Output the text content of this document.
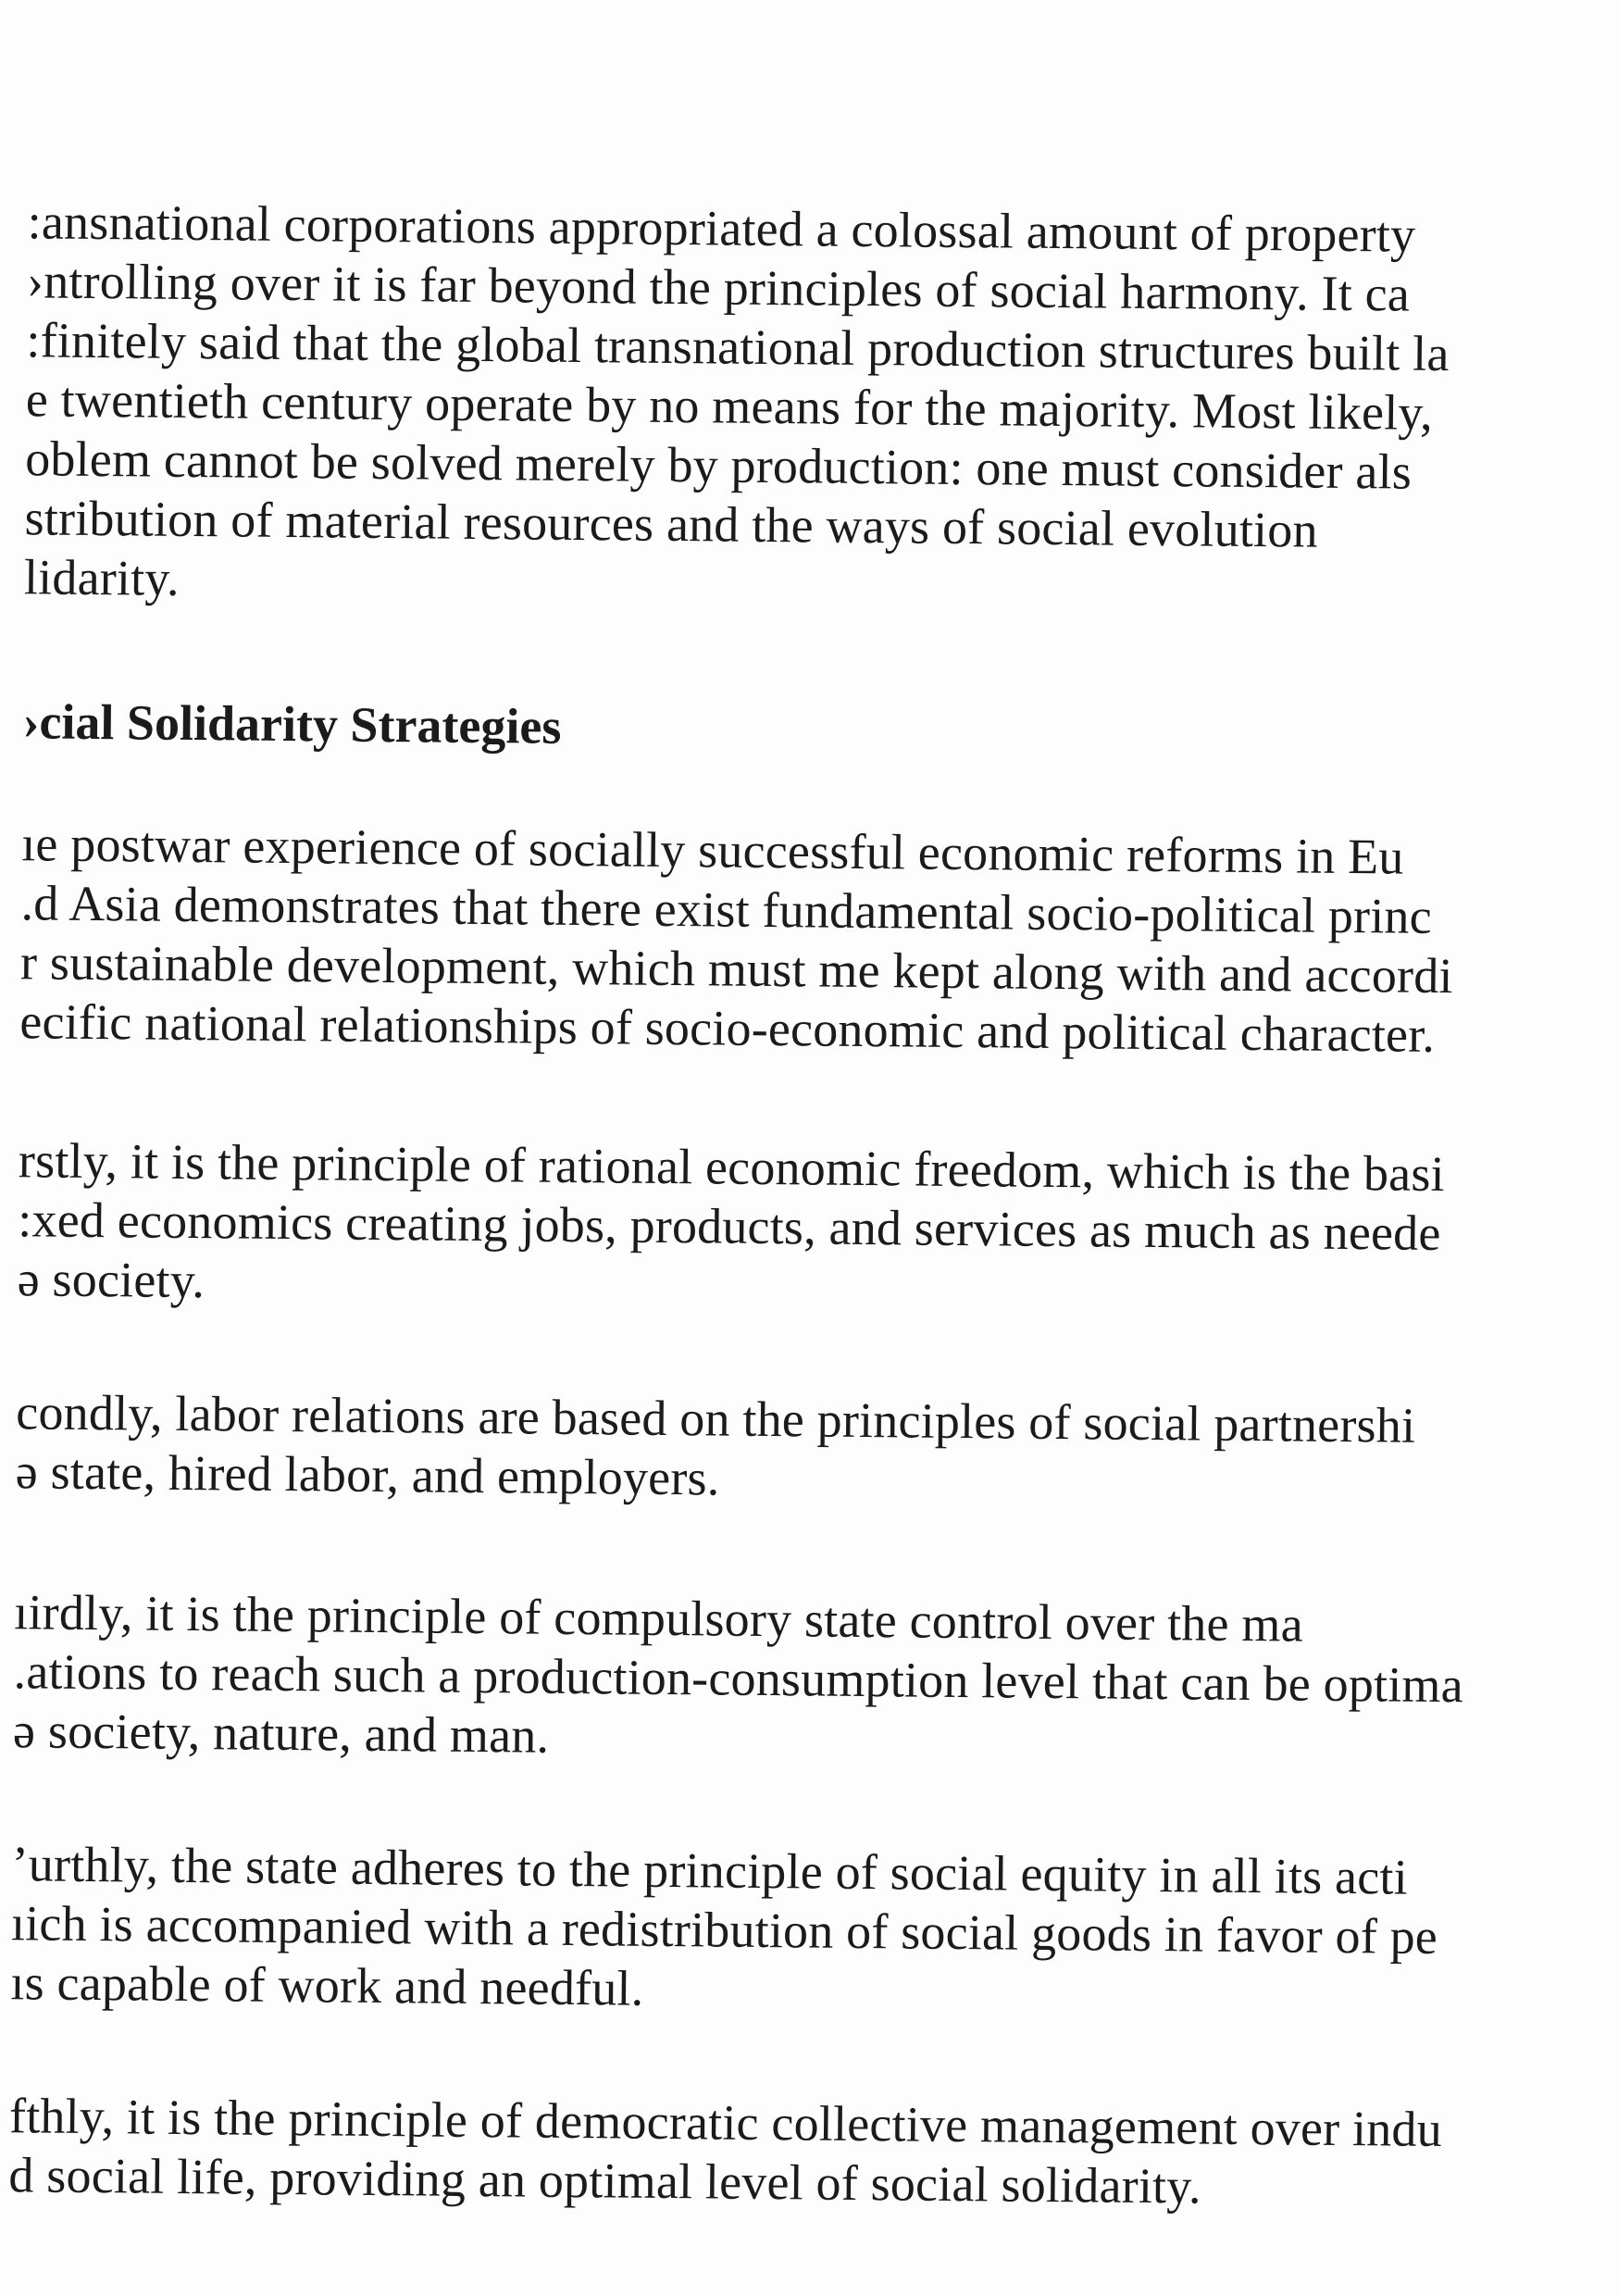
:ansnational corporations appropriated a colossal amount of property
›ntrolling over it is far beyond the principles of social harmony. It ca
:finitely said that the global transnational production structures built la
e twentieth century operate by no means for the majority. Most likely,
oblem cannot be solved merely by production: one must consider als
stribution of material resources and the ways of social evolution
lidarity.
›cial Solidarity Strategies
ıe postwar experience of socially successful economic reforms in Eu
.d Asia demonstrates that there exist fundamental socio-political princ
r sustainable development, which must me kept along with and accordi
ecific national relationships of socio-economic and political character.
rstly, it is the principle of rational economic freedom, which is the basi
:xed economics creating jobs, products, and services as much as neede
ǝ society.
condly, labor relations are based on the principles of social partnershi
ǝ state, hired labor, and employers.
ıirdly, it is the principle of compulsory state control over the ma
.ations to reach such a production-consumption level that can be optima
ǝ society, nature, and man.
ʼurthly, the state adheres to the principle of social equity in all its acti
ıich is accompanied with a redistribution of social goods in favor of pe
ıs capable of work and needful.
fthly, it is the principle of democratic collective management over indu
d social life, providing an optimal level of social solidarity.
